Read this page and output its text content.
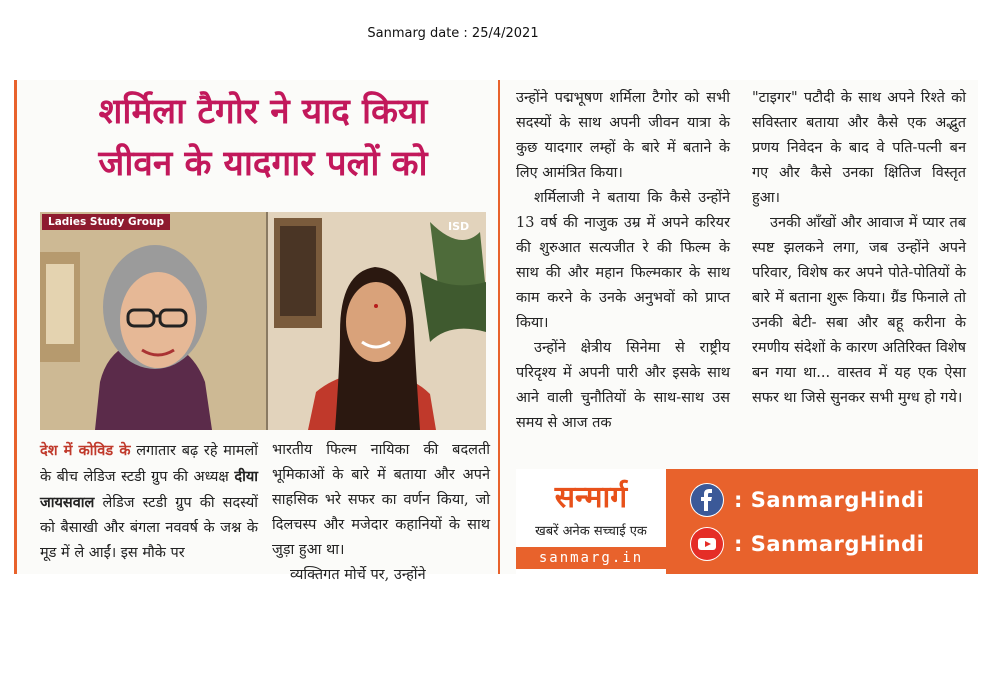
Sanmarg date : 25/4/2021
शर्मिला टैगोर ने याद किया
जीवन के यादगार पलों को
ISD
Ladies Study Group
देश में कोविड के लगातार बढ़ रहे मामलों के बीच लेडिज स्टडी ग्रुप की अध्यक्ष दीया जायसवाल लेडिज स्टडी ग्रुप की सदस्यों को बैसाखी और बंगला नववर्ष के जश्न के मूड में ले आईं। इस मौके पर
भारतीय फिल्म नायिका की बदलती भूमिकाओं के बारे में बताया और अपने साहसिक भरे सफर का वर्णन किया, जो दिलचस्प और मजेदार कहानियों के साथ जुड़ा हुआ था।
व्यक्तिगत मोर्चे पर, उन्होंने
उन्होंने पद्मभूषण शर्मिला टैगोर को सभी सदस्यों के साथ अपनी जीवन यात्रा के कुछ यादगार लम्हों के बारे में बताने के लिए आमंत्रित किया।
शर्मिलाजी ने बताया कि कैसे उन्होंने 13 वर्ष की नाजुक उम्र में अपने करियर की शुरुआत सत्यजीत रे की फिल्म के साथ की और महान फिल्मकार के साथ काम करने के उनके अनुभवों को प्राप्त किया।
उन्होंने क्षेत्रीय सिनेमा से राष्ट्रीय परिदृश्य में अपनी पारी और इसके साथ आने वाली चुनौतियों के साथ-साथ उस समय से आज तक
"टाइगर" पटौदी के साथ अपने रिश्ते को सविस्तार बताया और कैसे एक अद्भुत प्रणय निवेदन के बाद वे पति-पत्नी बन गए और कैसे उनका क्षितिज विस्तृत हुआ।
उनकी आँखों और आवाज में प्यार तब स्पष्ट झलकने लगा, जब उन्होंने अपने परिवार, विशेष कर अपने पोते-पोतियों के बारे में बताना शुरू किया। ग्रैंड फिनाले तो उनकी बेटी- सबा और बहू करीना के रमणीय संदेशों के कारण अतिरिक्त विशेष बन गया था... वास्तव में यह एक ऐसा सफर था जिसे सुनकर सभी मुग्ध हो गये।
सन्मार्ग
खबरें अनेक सच्चाई एक
sanmarg.in
: SanmargHindi
: SanmargHindi
